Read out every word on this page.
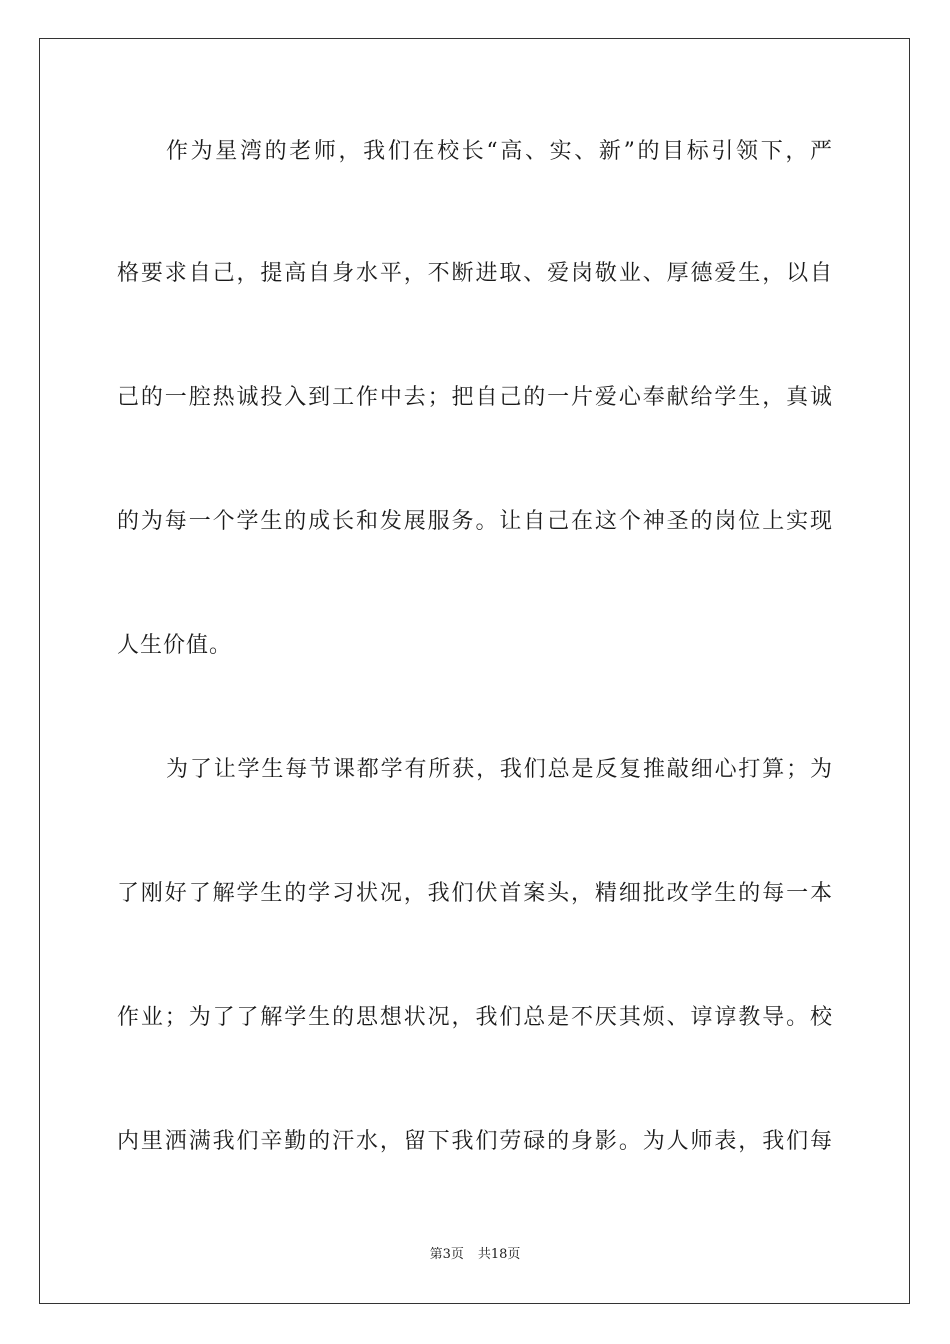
作为星湾的老师，我们在校长“高、实、新”的目标引领下，严
格要求自己，提高自身水平，不断进取、爱岗敬业、厚德爱生，以自
己的一腔热诚投入到工作中去；把自己的一片爱心奉献给学生，真诚
的为每一个学生的成长和发展服务。让自己在这个神圣的岗位上实现
人生价值。
为了让学生每节课都学有所获，我们总是反复推敲细心打算；为
了刚好了解学生的学习状况，我们伏首案头，精细批改学生的每一本
作业；为了了解学生的思想状况，我们总是不厌其烦、谆谆教导。校
内里洒满我们辛勤的汗水，留下我们劳碌的身影。为人师表，我们每
第3页 共18页
